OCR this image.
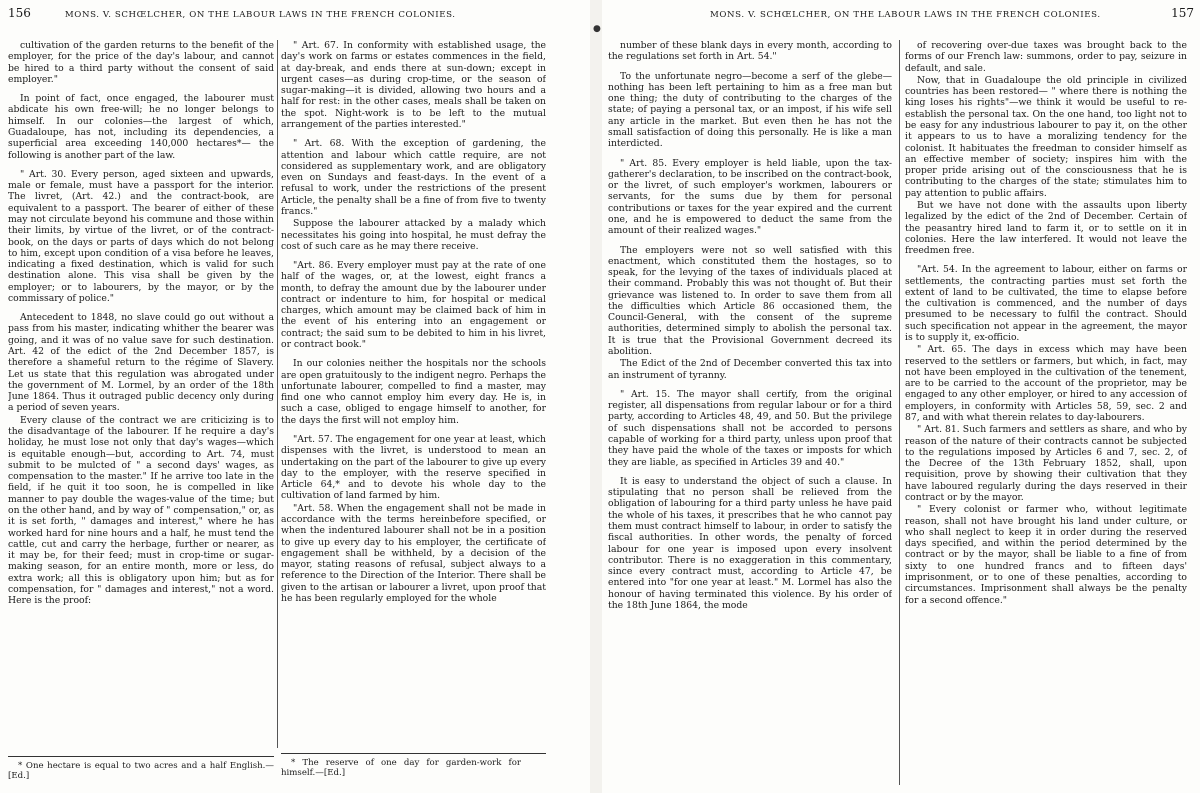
156	MONS. V. SCHŒLCHER, ON THE LABOUR LAWS IN THE FRENCH COLONIES.

cultivation of the garden returns to the benefit of the employer, for the price of the day's labour, and cannot be hired to a third party without the consent of said employer."

In point of fact, once engaged, the labourer must abdicate his own free-will; he no longer belongs to himself. In our colonies—the largest of which, Guadaloupe, has not, including its dependencies, a superficial area exceeding 140,000 hectares*— the following is another part of the law.

" Art. 30. Every person, aged sixteen and upwards, male or female, must have a passport for the interior. The livret, (Art. 42.) and the contract-book, are equivalent to a passport. The bearer of either of these may not circulate beyond his commune and those within their limits, by virtue of the livret, or of the contract-book, on the days or parts of days which do not belong to him, except upon condition of a visa before he leaves, indicating a fixed destination, which is valid for such destination alone. This visa shall be given by the employer; or to labourers, by the mayor, or by the commissary of police."

Antecedent to 1848, no slave could go out without a pass from his master, indicating whither the bearer was going, and it was of no value save for such destination. Art. 42 of the edict of the 2nd December 1857, is therefore a shameful return to the régime of Slavery. Let us state that this regulation was abrogated under the government of M. Lormel, by an order of the 18th June 1864. Thus it outraged public decency only during a period of seven years.

Every clause of the contract we are criticizing is to the disadvantage of the labourer. If he require a day's holiday, he must lose not only that day's wages—which is equitable enough—but, according to Art. 74, must submit to be mulcted of " a second days' wages, as compensation to the master." If he arrive too late in the field, if he quit it too soon, he is compelled in like manner to pay double the wages-value of the time; but on the other hand, and by way of " compensation," or, as it is set forth, " damages and interest," where he has worked hard for nine hours and a half, he must tend the cattle, cut and carry the herbage, further or nearer, as it may be, for their feed; must in crop-time or sugar-making season, for an entire month, more or less, do extra work; all this is obligatory upon him; but as for compensation, for " damages and interest," not a word. Here is the proof:

" Art. 67. In conformity with established usage, the day's work on farms or estates commences in the field, at day-break, and ends there at sun-down; except in urgent cases—as during crop-time, or the season of sugar-making—it is divided, allowing two hours and a half for rest: in the other cases, meals shall be taken on the spot. Night-work is to be left to the mutual arrangement of the parties interested."

" Art. 68. With the exception of gardening, the attention and labour which cattle require, are not considered as supplementary work, and are obligatory even on Sundays and feast-days. In the event of a refusal to work, under the restrictions of the present Article, the penalty shall be a fine of from five to twenty francs."

Suppose the labourer attacked by a malady which necessitates his going into hospital, he must defray the cost of such care as he may there receive.

"Art. 86. Every employer must pay at the rate of one half of the wages, or, at the lowest, eight francs a month, to defray the amount due by the labourer under contract or indenture to him, for hospital or medical charges, which amount may be claimed back of him in the event of his entering into an engagement or contract; the said sum to be debited to him in his livret, or contract book."

In our colonies neither the hospitals nor the schools are open gratuitously to the indigent negro. Perhaps the unfortunate labourer, compelled to find a master, may find one who cannot employ him every day. He is, in such a case, obliged to engage himself to another, for the days the first will not employ him.

"Art. 57. The engagement for one year at least, which dispenses with the livret, is understood to mean an undertaking on the part of the labourer to give up every day to the employer, with the reserve specified in Article 64,* and to devote his whole day to the cultivation of land farmed by him.

"Art. 58. When the engagement shall not be made in accordance with the terms hereinbefore specified, or when the indentured labourer shall not be in a position to give up every day to his employer, the certificate of engagement shall be withheld, by a decision of the mayor, stating reasons of refusal, subject always to a reference to the Direction of the Interior. There shall be given to the artisan or labourer a livret, upon proof that he has been regularly employed for the whole

* One hectare is equal to two acres and a half English.—[Ed.]

* The reserve of one day for garden-work for himself.—[Ed.]

●
MONS. V. SCHŒLCHER, ON THE LABOUR LAWS IN THE FRENCH COLONIES.	157

number of these blank days in every month, according to the regulations set forth in Art. 54."

To the unfortunate negro—become a serf of the glebe—nothing has been left pertaining to him as a free man but one thing; the duty of contributing to the charges of the state; of paying a personal tax, or an impost, if his wife sell any article in the market. But even then he has not the small satisfaction of doing this personally. He is like a man interdicted.

" Art. 85. Every employer is held liable, upon the tax-gatherer's declaration, to be inscribed on the contract-book, or the livret, of such employer's workmen, labourers or servants, for the sums due by them for personal contributions or taxes for the year expired and the current one, and he is empowered to deduct the same from the amount of their realized wages."

The employers were not so well satisfied with this enactment, which constituted them the hostages, so to speak, for the levying of the taxes of individuals placed at their command. Probably this was not thought of. But their grievance was listened to. In order to save them from all the difficulties which Article 86 occasioned them, the Council-General, with the consent of the supreme authorities, determined simply to abolish the personal tax. It is true that the Provisional Government decreed its abolition.

The Edict of the 2nd of December converted this tax into an instrument of tyranny.

" Art. 15. The mayor shall certify, from the original register, all dispensations from regular labour or for a third party, according to Articles 48, 49, and 50. But the privilege of such dispensations shall not be accorded to persons capable of working for a third party, unless upon proof that they have paid the whole of the taxes or imposts for which they are liable, as specified in Articles 39 and 40."

It is easy to understand the object of such a clause. In stipulating that no person shall be relieved from the obligation of labouring for a third party unless he have paid the whole of his taxes, it prescribes that he who cannot pay them must contract himself to labour, in order to satisfy the fiscal authorities. In other words, the penalty of forced labour for one year is imposed upon every insolvent contributor. There is no exaggeration in this commentary, since every contract must, according to Article 47, be entered into "for one year at least." M. Lormel has also the honour of having terminated this violence. By his order of the 18th June 1864, the mode

of recovering over-due taxes was brought back to the forms of our French law: summons, order to pay, seizure in default, and sale.

Now, that in Guadaloupe the old principle in civilized countries has been restored— " where there is nothing the king loses his rights"—we think it would be useful to re-establish the personal tax. On the one hand, too light not to be easy for any industrious labourer to pay it, on the other it appears to us to have a moralizing tendency for the colonist. It habituates the freedman to consider himself as an effective member of society; inspires him with the proper pride arising out of the consciousness that he is contributing to the charges of the state; stimulates him to pay attention to public affairs.

But we have not done with the assaults upon liberty legalized by the edict of the 2nd of December. Certain of the peasantry hired land to farm it, or to settle on it in colonies. Here the law interfered. It would not leave the freedmen free.

"Art. 54. In the agreement to labour, either on farms or settlements, the contracting parties must set forth the extent of land to be cultivated, the time to elapse before the cultivation is commenced, and the number of days presumed to be necessary to fulfil the contract. Should such specification not appear in the agreement, the mayor is to supply it, ex-officio.

" Art. 65. The days in excess which may have been reserved to the settlers or farmers, but which, in fact, may not have been employed in the cultivation of the tenement, are to be carried to the account of the proprietor, may be engaged to any other employer, or hired to any accession of employers, in conformity with Articles 58, 59, sec. 2 and 87, and with what therein relates to day-labourers.

" Art. 81. Such farmers and settlers as share, and who by reason of the nature of their contracts cannot be subjected to the regulations imposed by Articles 6 and 7, sec. 2, of the Decree of the 13th February 1852, shall, upon requisition, prove by showing their cultivation that they have laboured regularly during the days reserved in their contract or by the mayor.

" Every colonist or farmer who, without legitimate reason, shall not have brought his land under culture, or who shall neglect to keep it in order during the reserved days specified, and within the period determined by the contract or by the mayor, shall be liable to a fine of from sixty to one hundred francs and to fifteen days' imprisonment, or to one of these penalties, according to circumstances. Imprisonment shall always be the penalty for a second offence."
